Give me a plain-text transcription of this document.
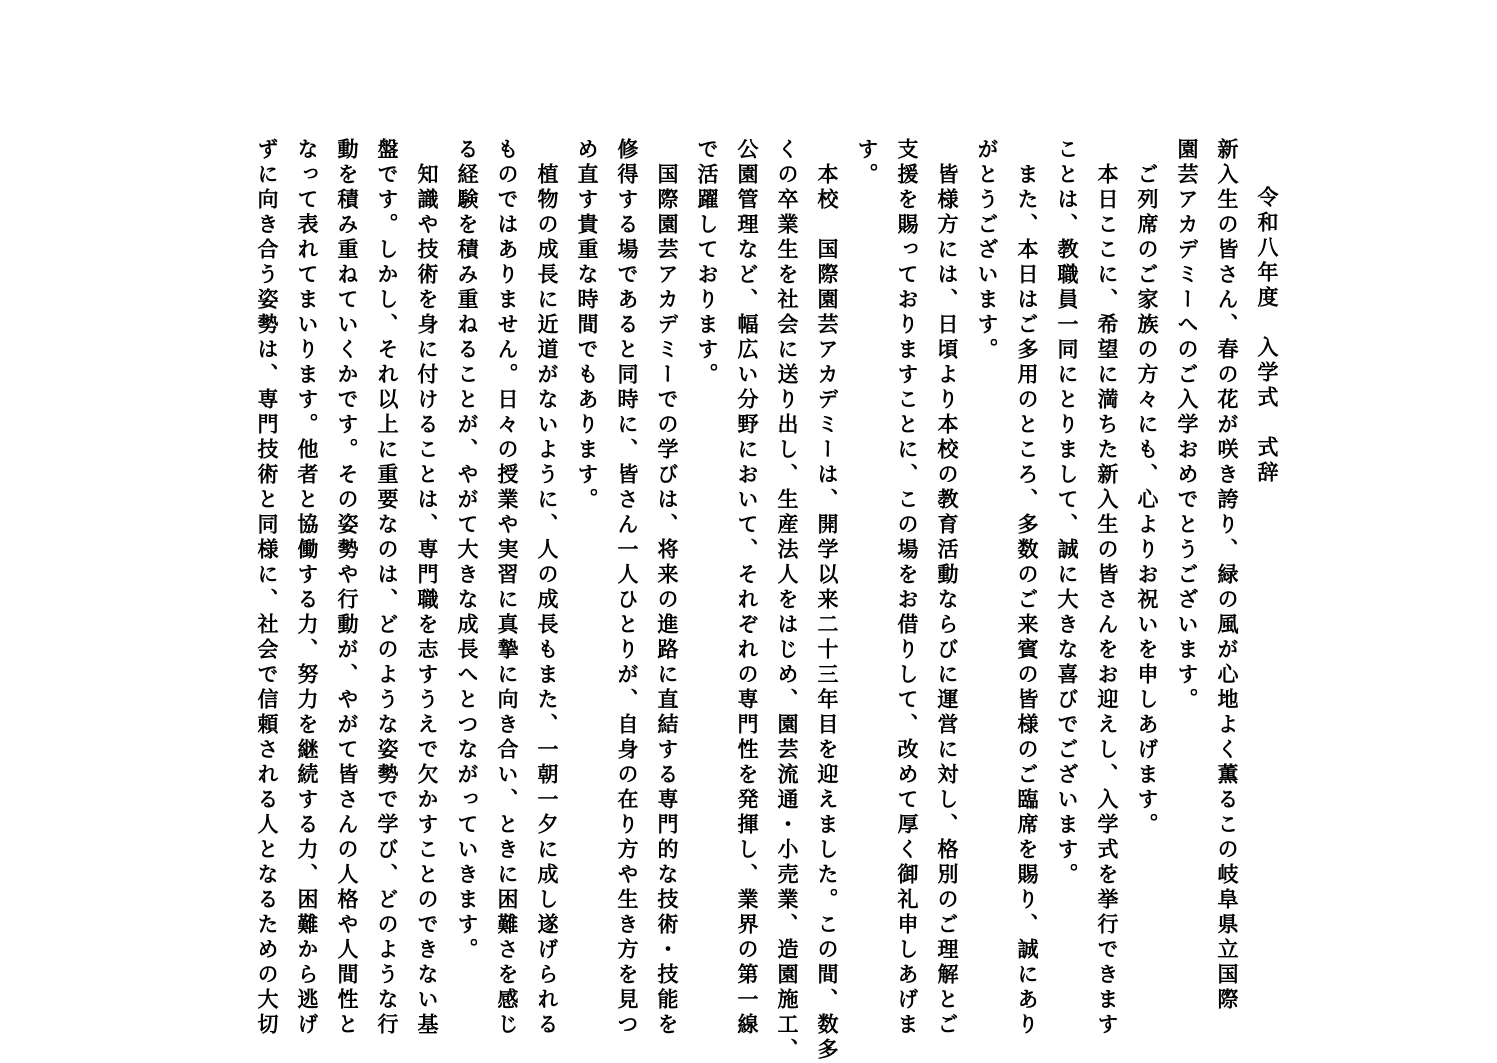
令和八年度　入学式　式辞

新入生の皆さん、春の花が咲き誇り、緑の風が心地よく薫るこの岐阜県立国際

園芸アカデミーへのご入学おめでとうございます。

　ご列席のご家族の方々にも、心よりお祝いを申しあげます。

　本日ここに、希望に満ちた新入生の皆さんをお迎えし、入学式を挙行できます

ことは、教職員一同にとりまして、誠に大きな喜びでございます。

　また、本日はご多用のところ、多数のご来賓の皆様のご臨席を賜り、誠にあり

がとうございます。

　皆様方には、日頃より本校の教育活動ならびに運営に対し、格別のご理解とご

支援を賜っておりますことに、この場をお借りして、改めて厚く御礼申しあげま

す。

　本校　国際園芸アカデミーは、開学以来二十三年目を迎えました。この間、数多

くの卒業生を社会に送り出し、生産法人をはじめ、園芸流通・小売業、造園施工、

公園管理など、幅広い分野において、それぞれの専門性を発揮し、業界の第一線

で活躍しております。

　国際園芸アカデミーでの学びは、将来の進路に直結する専門的な技術・技能を

修得する場であると同時に、皆さん一人ひとりが、自身の在り方や生き方を見つ

め直す貴重な時間でもあります。

　植物の成長に近道がないように、人の成長もまた、一朝一夕に成し遂げられる

ものではありません。日々の授業や実習に真摯に向き合い、ときに困難さを感じ

る経験を積み重ねることが、やがて大きな成長へとつながっていきます。

　知識や技術を身に付けることは、専門職を志すうえで欠かすことのできない基

盤です。しかし、それ以上に重要なのは、どのような姿勢で学び、どのような行

動を積み重ねていくかです。その姿勢や行動が、やがて皆さんの人格や人間性と

なって表れてまいります。他者と協働する力、努力を継続する力、困難から逃げ

ずに向き合う姿勢は、専門技術と同様に、社会で信頼される人となるための大切
